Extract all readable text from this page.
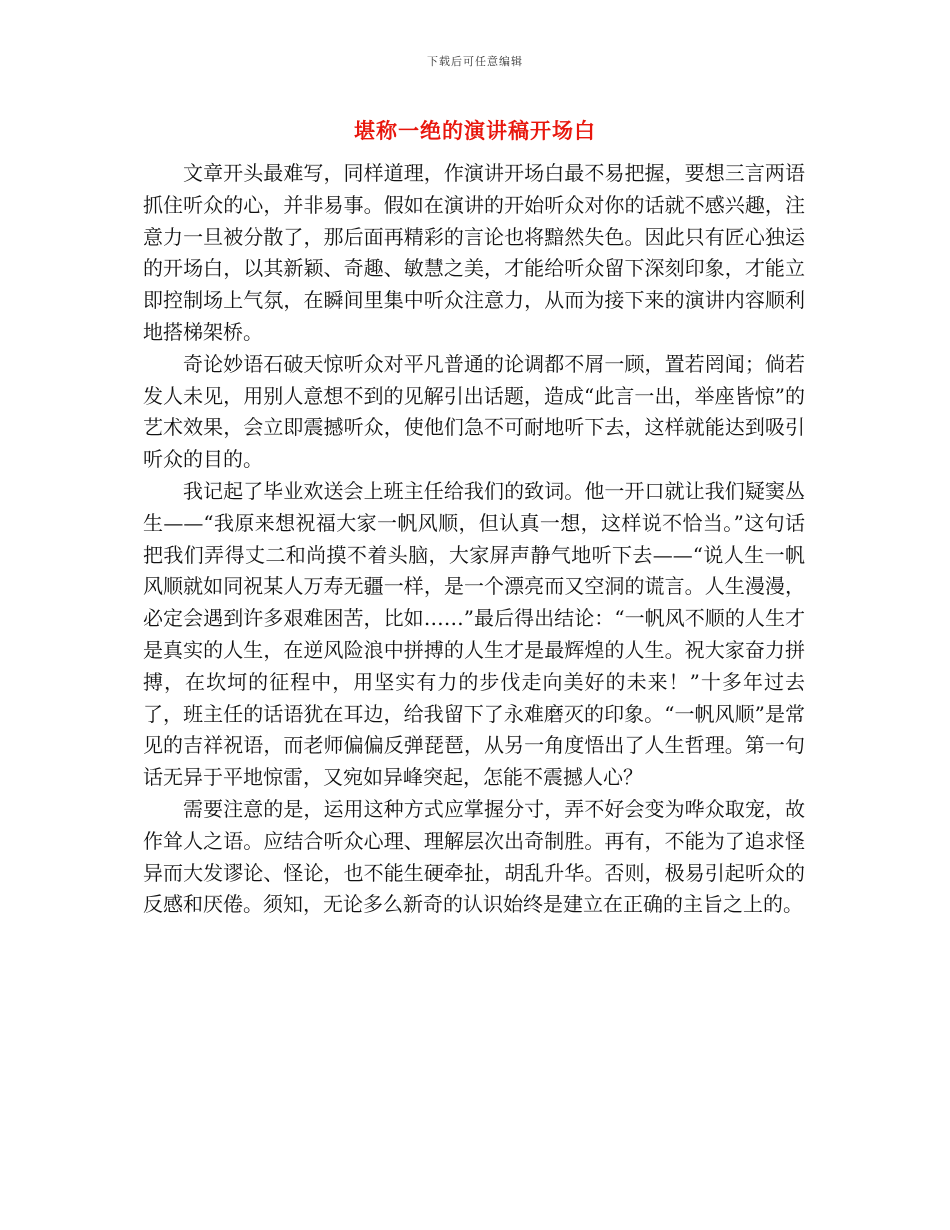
下载后可任意编辑
堪称一绝的演讲稿开场白

文章开头最难写，同样道理，作演讲开场白最不易把握，要想三言两语抓住听众的心，并非易事。假如在演讲的开始听众对你的话就不感兴趣，注意力一旦被分散了，那后面再精彩的言论也将黯然失色。因此只有匠心独运的开场白，以其新颖、奇趣、敏慧之美，才能给听众留下深刻印象，才能立即控制场上气氛，在瞬间里集中听众注意力，从而为接下来的演讲内容顺利地搭梯架桥。

奇论妙语石破天惊听众对平凡普通的论调都不屑一顾，置若罔闻；倘若发人未见，用别人意想不到的见解引出话题，造成“此言一出，举座皆惊”的艺术效果，会立即震撼听众，使他们急不可耐地听下去，这样就能达到吸引听众的目的。

我记起了毕业欢送会上班主任给我们的致词。他一开口就让我们疑窦丛生——“我原来想祝福大家一帆风顺，但认真一想，这样说不恰当。”这句话把我们弄得丈二和尚摸不着头脑，大家屏声静气地听下去——“说人生一帆风顺就如同祝某人万寿无疆一样，是一个漂亮而又空洞的谎言。人生漫漫，必定会遇到许多艰难困苦，比如……”最后得出结论：“一帆风不顺的人生才是真实的人生，在逆风险浪中拼搏的人生才是最辉煌的人生。祝大家奋力拼搏，在坎坷的征程中，用坚实有力的步伐走向美好的未来！”十多年过去了，班主任的话语犹在耳边，给我留下了永难磨灭的印象。“一帆风顺”是常见的吉祥祝语，而老师偏偏反弹琵琶，从另一角度悟出了人生哲理。第一句话无异于平地惊雷，又宛如异峰突起，怎能不震撼人心？

需要注意的是，运用这种方式应掌握分寸，弄不好会变为哗众取宠，故作耸人之语。应结合听众心理、理解层次出奇制胜。再有，不能为了追求怪异而大发谬论、怪论，也不能生硬牵扯，胡乱升华。否则，极易引起听众的反感和厌倦。须知，无论多么新奇的认识始终是建立在正确的主旨之上的。
